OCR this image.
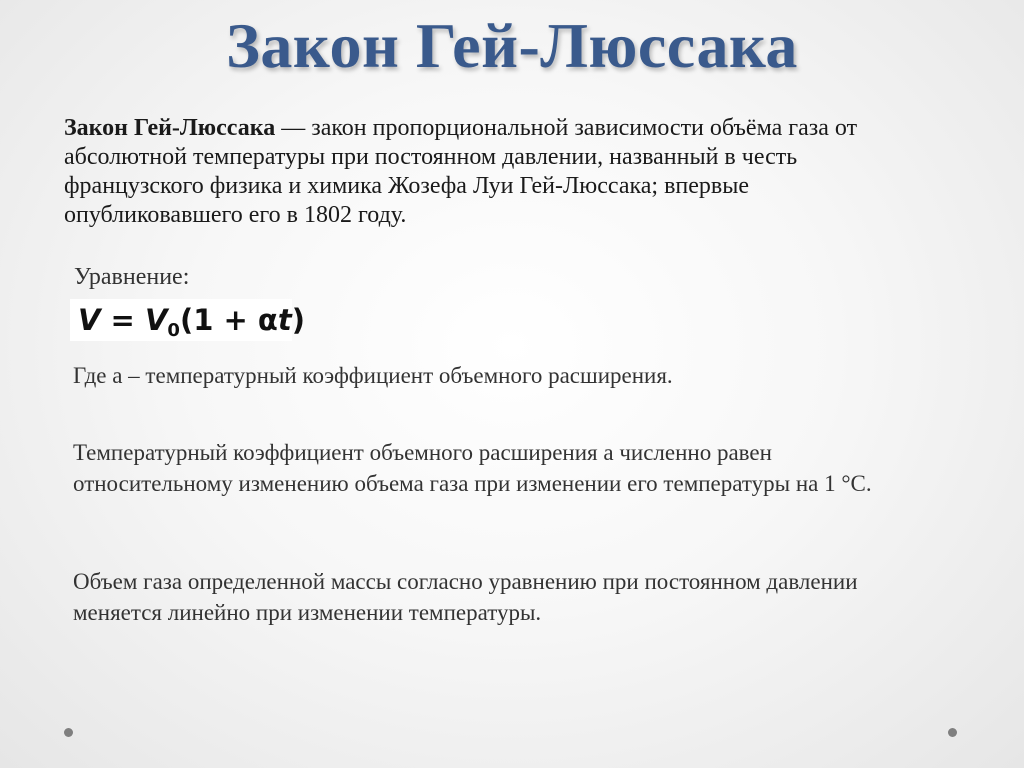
Закон Гей-Люссака
Закон Гей-Люссака — закон пропорциональной зависимости объёма газа от абсолютной температуры при постоянном давлении, названный в честь французского физика и химика Жозефа Луи Гей-Люссака; впервые опубликовавшего его в 1802 году.
Уравнение:
$V = V_0(1 + \alpha t)$
Где а – температурный коэффициент объемного расширения.
Температурный коэффициент объемного расширения а численно равен относительному изменению объема газа при изменении его температуры на 1 °С.
Объем газа определенной массы согласно уравнению при постоянном давлении меняется линейно при изменении температуры.
